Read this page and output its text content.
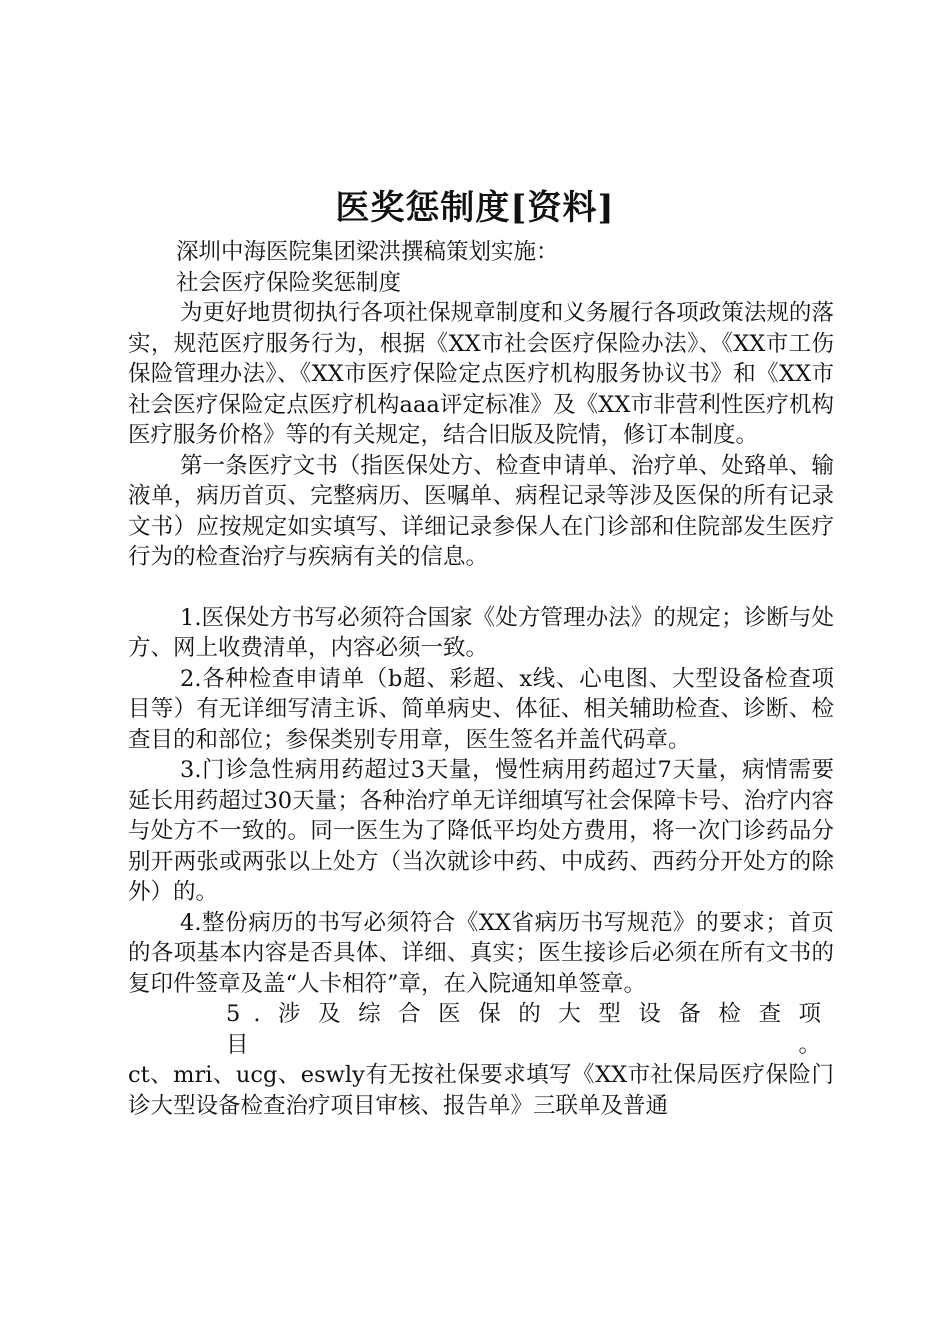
医奖惩制度[资料]

深圳中海医院集团梁洪撰稿策划实施：

社会医疗保险奖惩制度

为更好地贯彻执行各项社保规章制度和义务履行各项政策法规的落实，规范医疗服务行为，根据《XX市社会医疗保险办法》、《XX市工伤保险管理办法》、《XX市医疗保险定点医疗机构服务协议书》和《XX市社会医疗保险定点医疗机构aaa评定标准》及《XX市非营利性医疗机构医疗服务价格》等的有关规定，结合旧版及院情，修订本制度。

第一条医疗文书（指医保处方、检查申请单、治疗单、处臵单、输液单，病历首页、完整病历、医嘱单、病程记录等涉及医保的所有记录文书）应按规定如实填写、详细记录参保人在门诊部和住院部发生医疗行为的检查治疗与疾病有关的信息。

1.医保处方书写必须符合国家《处方管理办法》的规定；诊断与处方、网上收费清单，内容必须一致。

2.各种检查申请单（b超、彩超、x线、心电图、大型设备检查项目等）有无详细写清主诉、简单病史、体征、相关辅助检查、诊断、检查目的和部位；参保类别专用章，医生签名并盖代码章。

3.门诊急性病用药超过3天量，慢性病用药超过7天量，病情需要延长用药超过30天量；各种治疗单无详细填写社会保障卡号、治疗内容与处方不一致的。同一医生为了降低平均处方费用，将一次门诊药品分别开两张或两张以上处方（当次就诊中药、中成药、西药分开处方的除外）的。

4.整份病历的书写必须符合《XX省病历书写规范》的要求；首页的各项基本内容是否具体、详细、真实；医生接诊后必须在所有文书的复印件签章及盖“人卡相符”章，在入院通知单签章。

5.涉及综合医保的大型设备检查项目。

ct、mri、ucg、eswly有无按社保要求填写《XX市社保局医疗保险门诊大型设备检查治疗项目审核、报告单》三联单及普通
